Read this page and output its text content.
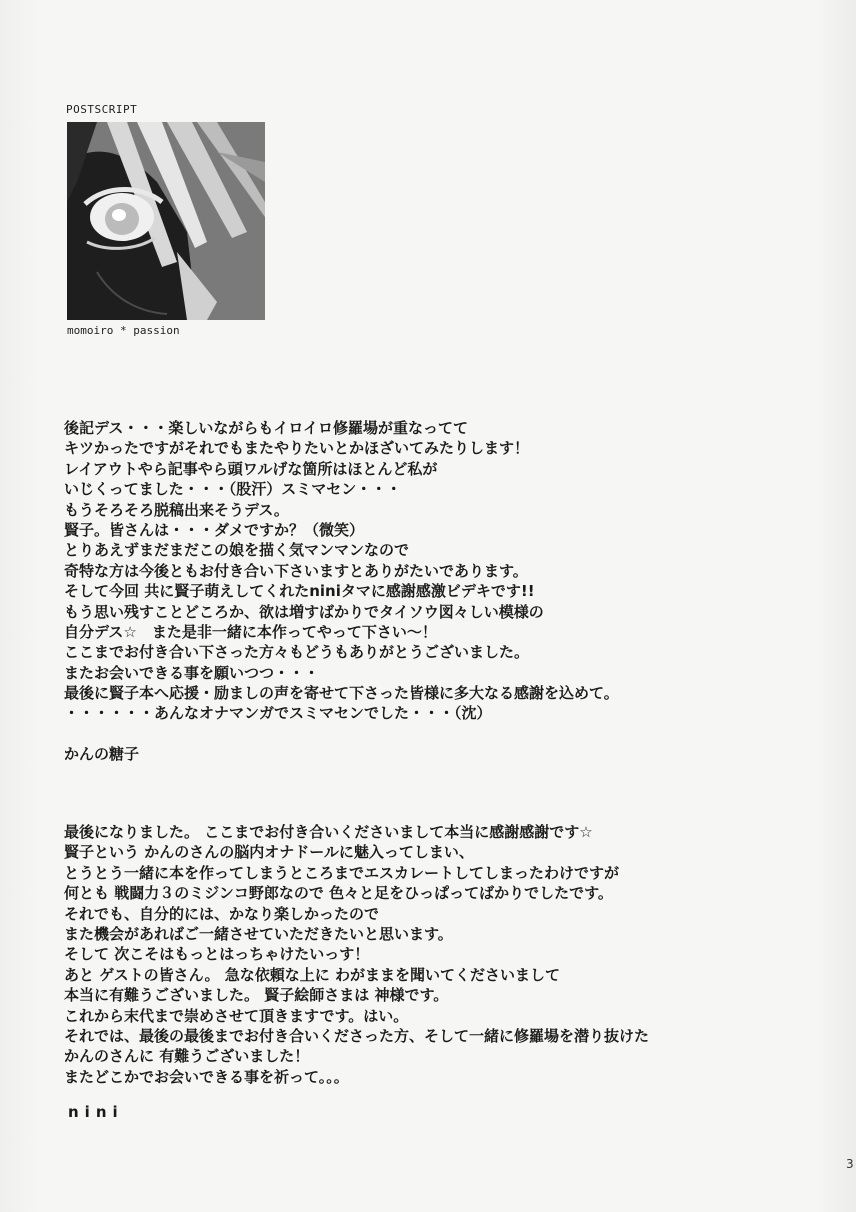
POSTSCRIPT
momoiro * passion
後記デス・・・楽しいながらもイロイロ修羅場が重なってて
キツかったですがそれでもまたやりたいとかほざいてみたりします！
レイアウトやら記事やら頭ワルげな箇所はほとんど私が
いじくってました・・・（股汗）スミマセン・・・
もうそろそろ脱稿出来そうデス。
賢子。皆さんは・・・ダメですか？（微笑）
とりあえずまだまだこの娘を描く気マンマンなので
奇特な方は今後ともお付き合い下さいますとありがたいであります。
そして今回 共に賢子萌えしてくれたniniタマに感謝感激ビデキです!!
もう思い残すことどころか、欲は増すばかりでタイソウ図々しい模様の
自分デス☆　また是非一緒に本作ってやって下さい～！
ここまでお付き合い下さった方々もどうもありがとうございました。
またお会いできる事を願いつつ・・・
最後に賢子本へ応援・励ましの声を寄せて下さった皆様に多大なる感謝を込めて。
・・・・・・あんなオナマンガでスミマセンでした・・・（沈）
かんの糖子
最後になりました。 ここまでお付き合いくださいまして本当に感謝感謝です☆
賢子という かんのさんの脳内オナドールに魅入ってしまい、
とうとう一緒に本を作ってしまうところまでエスカレートしてしまったわけですが
何とも 戦闘力３のミジンコ野郎なので 色々と足をひっぱってばかりでしたです。
それでも、自分的には、かなり楽しかったので
また機会があればご一緒させていただきたいと思います。
そして 次こそはもっとはっちゃけたいっす！
あと ゲストの皆さん。 急な依頼な上に わがままを聞いてくださいまして
本当に有難うございました。 賢子絵師さまは 神様です。
これから末代まで崇めさせて頂きますです。はい。
それでは、最後の最後までお付き合いくださった方、そして一緒に修羅場を潜り抜けた
かんのさんに 有難うございました！
またどこかでお会いできる事を祈って。。。
nini
3
